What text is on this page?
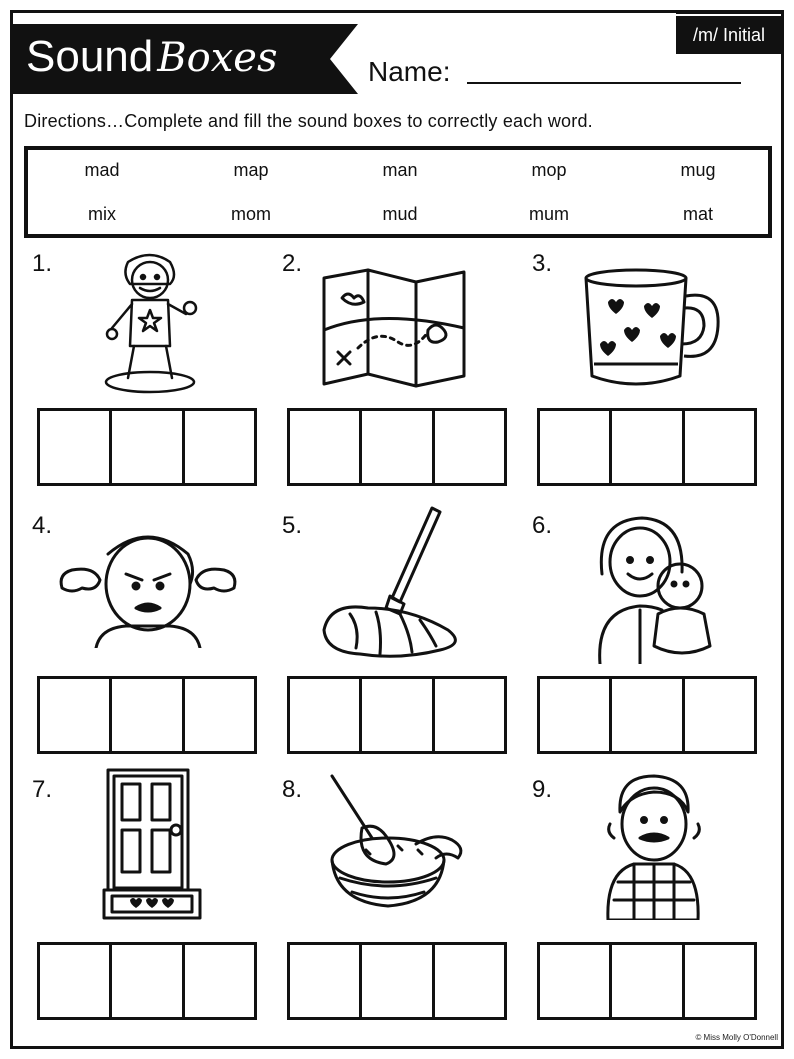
Sound Boxes
/m/ Initial
Name:
Directions…Complete and fill the sound boxes to correctly each word.
mad	map	man	mop	mug
mix	mom	mud	mum	mat
1.	2.	3.
4.	5.	6.
7.	8.	9.
© Miss Molly O'Donnell
